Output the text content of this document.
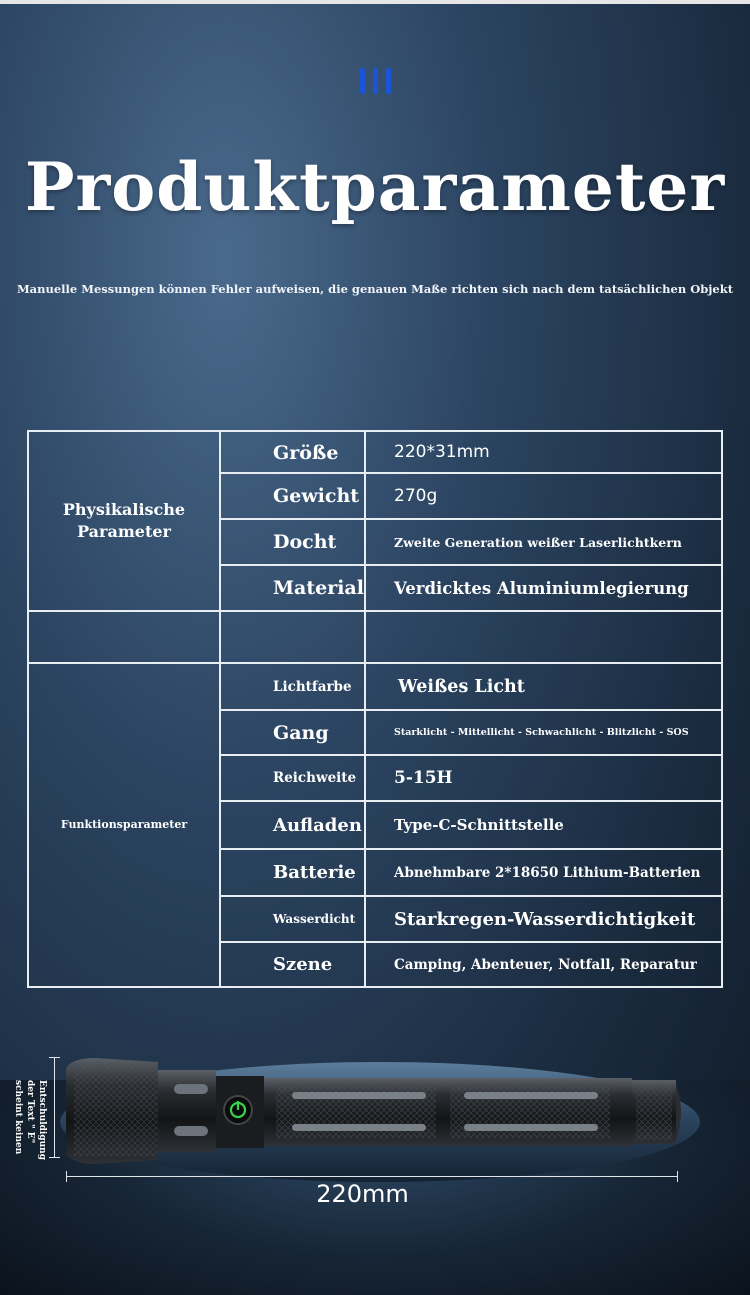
Produktparameter
Manuelle Messungen können Fehler aufweisen, die genauen Maße richten sich nach dem tatsächlichen Objekt
Physikalische
Parameter
Funktionsparameter
Größe	220*31mm
Gewicht	270g
Docht	Zweite Generation weißer Laserlichtkern
Material	Verdicktes Aluminiumlegierung
Lichtfarbe	Weißes Licht
Gang	Starklicht - Mittellicht - Schwachlicht - Blitzlicht - SOS
Reichweite	5-15H
Aufladen	Type-C-Schnittstelle
Batterie	Abnehmbare 2*18650 Lithium-Batterien
Wasserdicht	Starkregen-Wasserdichtigkeit
Szene	Camping, Abenteuer, Notfall, Reparatur
Entschuldigung
der Text " E"
scheint keinen
220mm
